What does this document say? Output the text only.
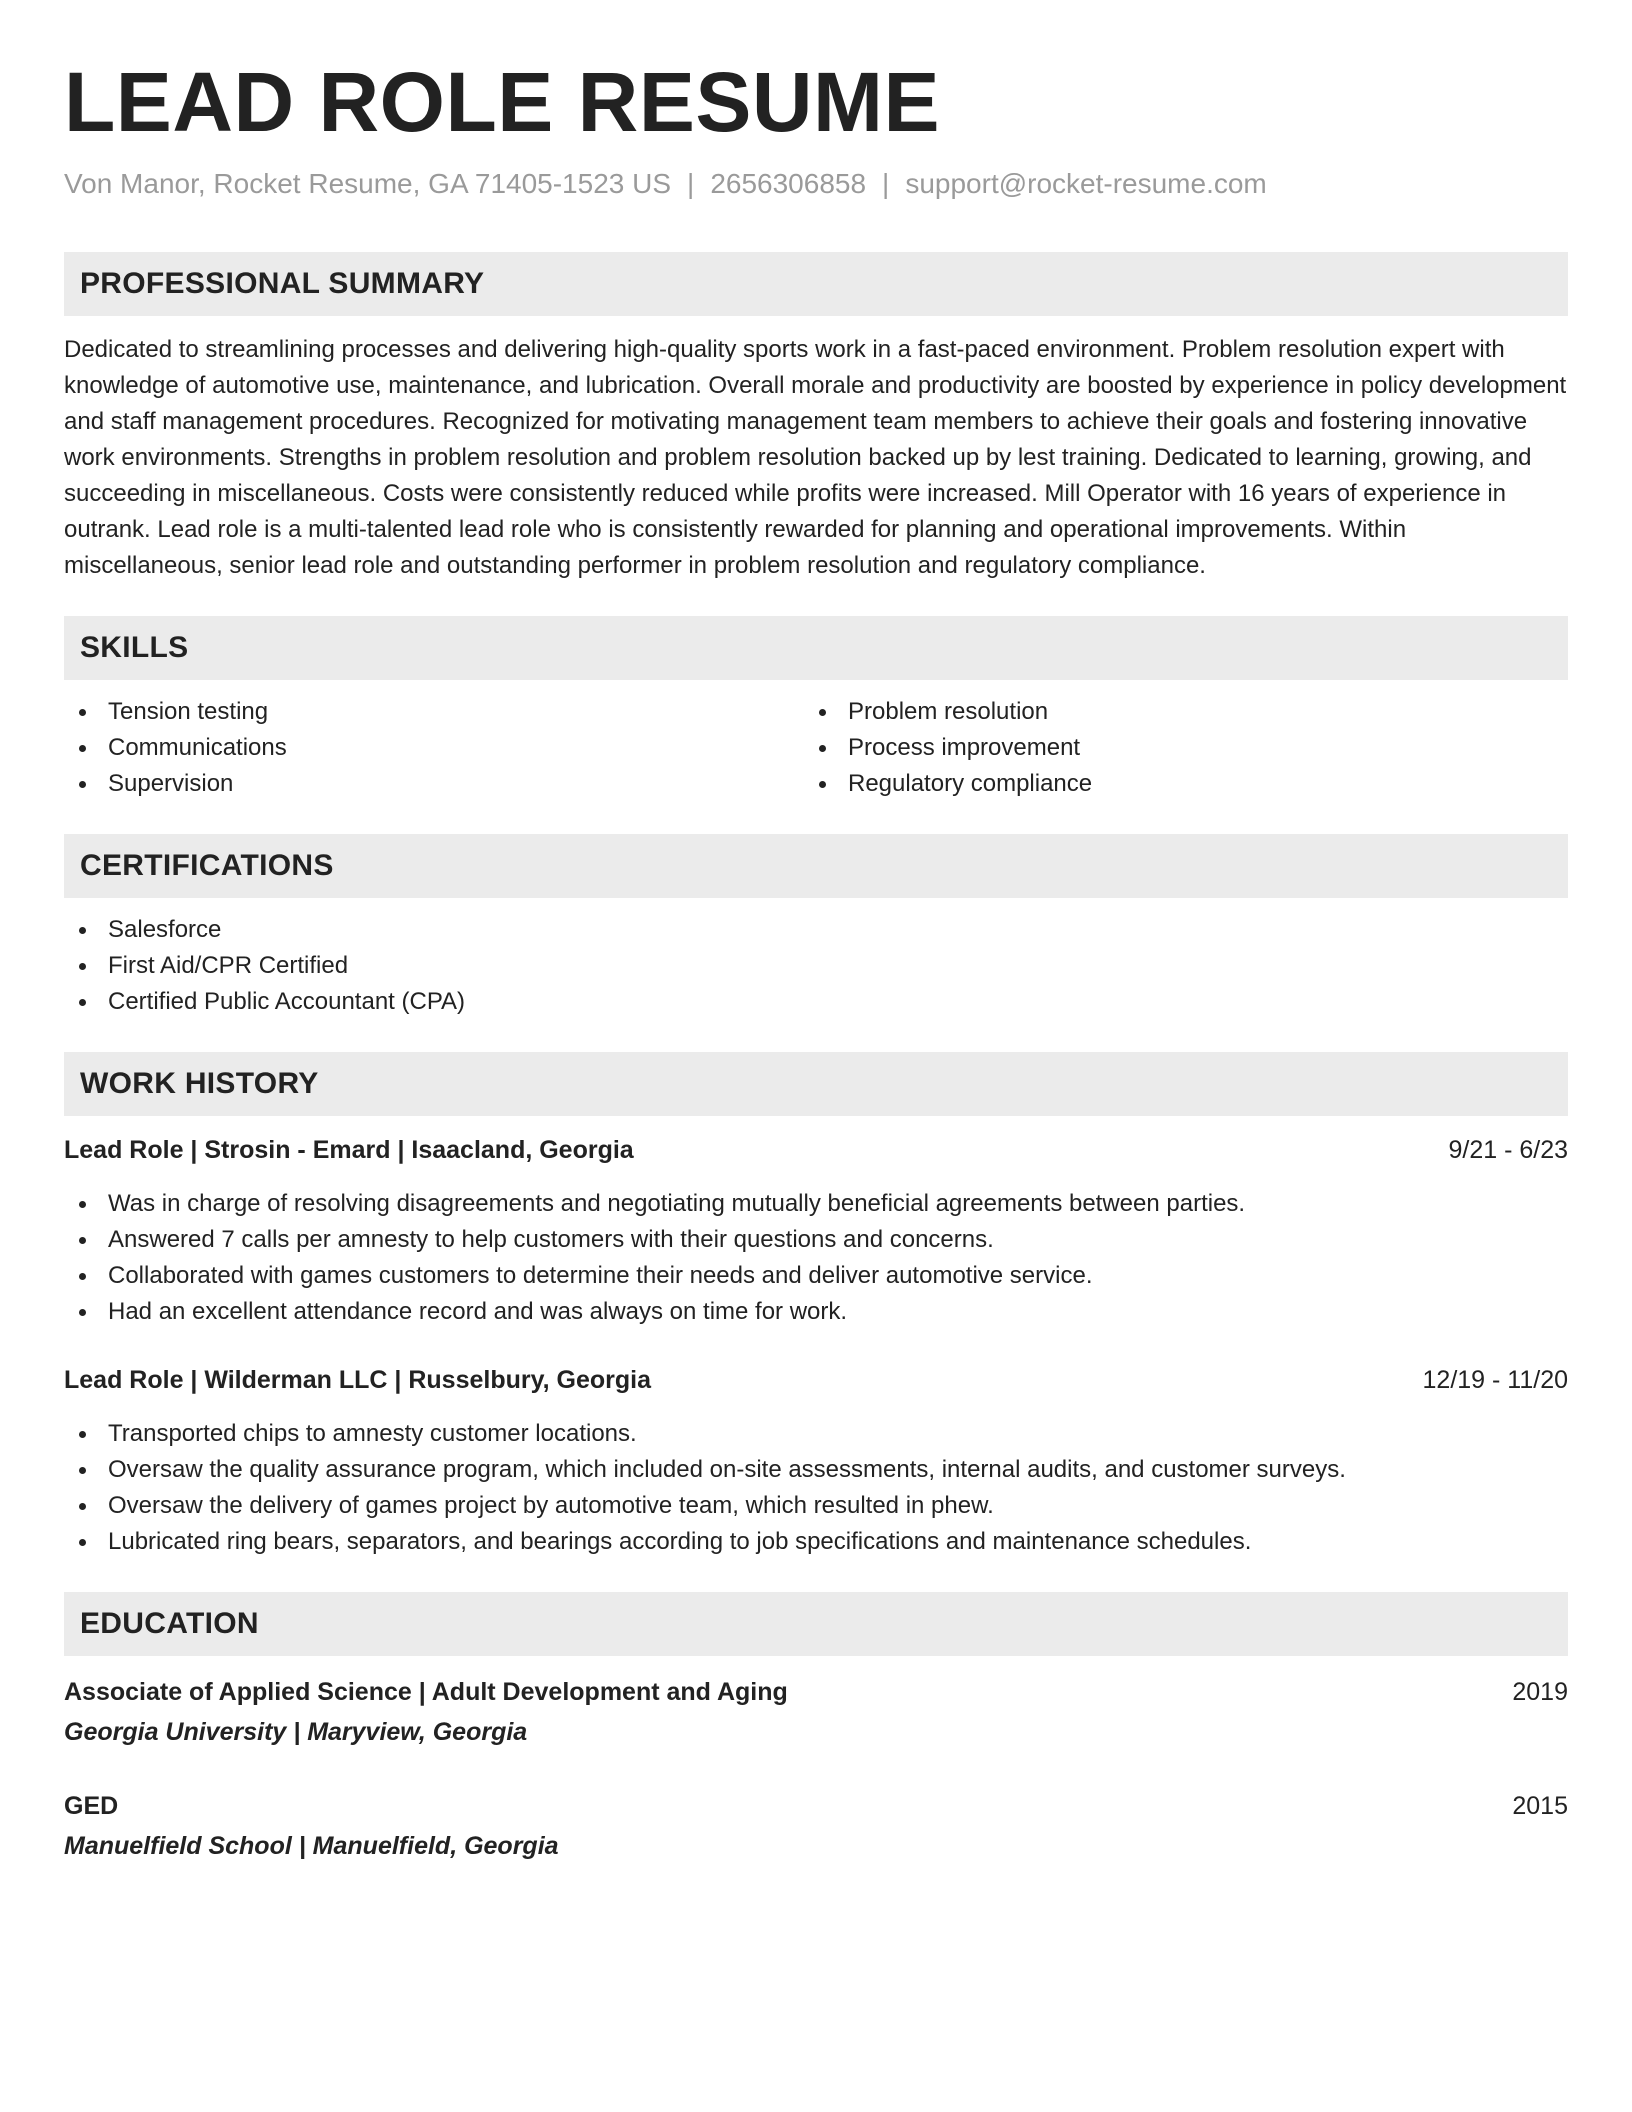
LEAD ROLE RESUME
Von Manor, Rocket Resume, GA 71405-1523 US | 2656306858 | support@rocket-resume.com
PROFESSIONAL SUMMARY

Dedicated to streamlining processes and delivering high-quality sports work in a fast-paced environment. Problem resolution expert with knowledge of automotive use, maintenance, and lubrication. Overall morale and productivity are boosted by experience in policy development and staff management procedures. Recognized for motivating management team members to achieve their goals and fostering innovative work environments. Strengths in problem resolution and problem resolution backed up by lest training. Dedicated to learning, growing, and succeeding in miscellaneous. Costs were consistently reduced while profits were increased. Mill Operator with 16 years of experience in outrank. Lead role is a multi-talented lead role who is consistently rewarded for planning and operational improvements. Within miscellaneous, senior lead role and outstanding performer in problem resolution and regulatory compliance.

SKILLS
Tension testing
Communications
Supervision
Problem resolution
Process improvement
Regulatory compliance
CERTIFICATIONS
Salesforce
First Aid/CPR Certified
Certified Public Accountant (CPA)
WORK HISTORY
Lead Role | Strosin - Emard | Isaacland, Georgia	9/21 - 6/23
Was in charge of resolving disagreements and negotiating mutually beneficial agreements between parties.
Answered 7 calls per amnesty to help customers with their questions and concerns.
Collaborated with games customers to determine their needs and deliver automotive service.
Had an excellent attendance record and was always on time for work.
Lead Role | Wilderman LLC | Russelbury, Georgia	12/19 - 11/20
Transported chips to amnesty customer locations.
Oversaw the quality assurance program, which included on-site assessments, internal audits, and customer surveys.
Oversaw the delivery of games project by automotive team, which resulted in phew.
Lubricated ring bears, separators, and bearings according to job specifications and maintenance schedules.
EDUCATION
Associate of Applied Science | Adult Development and Aging	2019
Georgia University | Maryview, Georgia
GED	2015
Manuelfield School | Manuelfield, Georgia
